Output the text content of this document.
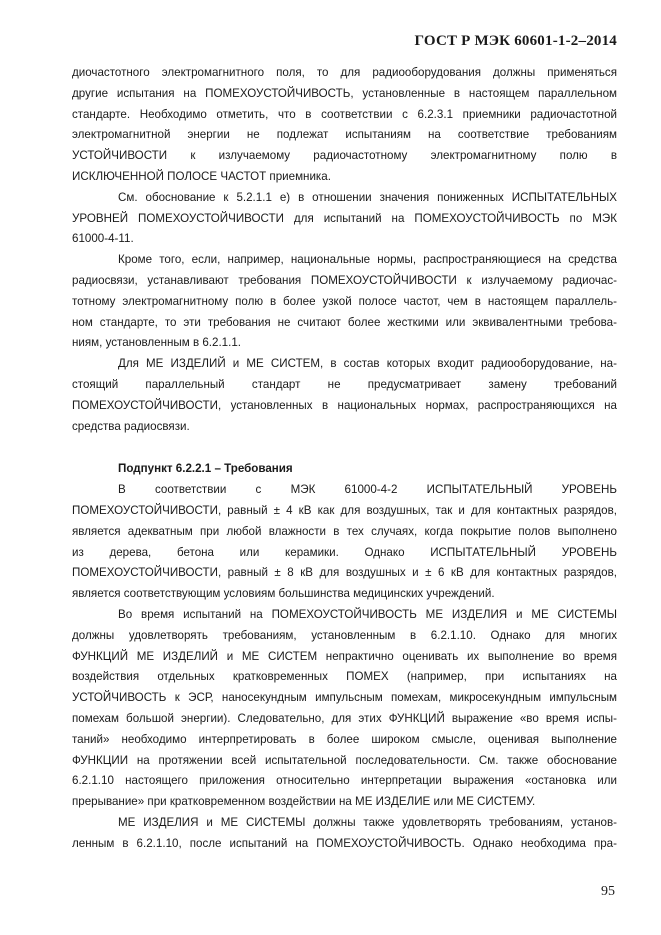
ГОСТ Р МЭК 60601-1-2–2014

диочастотного электромагнитного поля, то для радиооборудования должны применяться

другие испытания на ПОМЕХОУСТОЙЧИВОСТЬ, установленные в настоящем параллельном

стандарте. Необходимо отметить, что в соответствии с 6.2.3.1 приемники радиочастотной

электромагнитной энергии не подлежат испытаниям на соответствие требованиям

УСТОЙЧИВОСТИ к излучаемому радиочастотному электромагнитному полю в

ИСКЛЮЧЕННОЙ ПОЛОСЕ ЧАСТОТ приемника.

См. обоснование к 5.2.1.1 e) в отношении значения пониженных ИСПЫТАТЕЛЬНЫХ

УРОВНЕЙ ПОМЕХОУСТОЙЧИВОСТИ для испытаний на ПОМЕХОУСТОЙЧИВОСТЬ по МЭК

61000-4-11.

Кроме того, если, например, национальные нормы, распространяющиеся на средства

радиосвязи, устанавливают требования ПОМЕХОУСТОЙЧИВОСТИ к излучаемому радиочас-

тотному электромагнитному полю в более узкой полосе частот, чем в настоящем параллель-

ном стандарте, то эти требования не считают более жесткими или эквивалентными требова-

ниям, установленным в 6.2.1.1.

Для МЕ ИЗДЕЛИЙ и МЕ СИСТЕМ, в состав которых входит радиооборудование, на-

стоящий параллельный стандарт не предусматривает замену требований

ПОМЕХОУСТОЙЧИВОСТИ, установленных в национальных нормах, распространяющихся на

средства радиосвязи.

Подпункт 6.2.2.1 – Требования

В соответствии с МЭК 61000-4-2 ИСПЫТАТЕЛЬНЫЙ УРОВЕНЬ

ПОМЕХОУСТОЙЧИВОСТИ, равный ± 4 кВ как для воздушных, так и для контактных разрядов,

является адекватным при любой влажности в тех случаях, когда покрытие полов выполнено

из дерева, бетона или керамики. Однако ИСПЫТАТЕЛЬНЫЙ УРОВЕНЬ

ПОМЕХОУСТОЙЧИВОСТИ, равный ± 8 кВ для воздушных и ± 6 кВ для контактных разрядов,

является соответствующим условиям большинства медицинских учреждений.

Во время испытаний на ПОМЕХОУСТОЙЧИВОСТЬ МЕ ИЗДЕЛИЯ и МЕ СИСТЕМЫ

должны удовлетворять требованиям, установленным в 6.2.1.10. Однако для многих

ФУНКЦИЙ МЕ ИЗДЕЛИЙ и МЕ СИСТЕМ непрактично оценивать их выполнение во время

воздействия отдельных кратковременных ПОМЕХ (например, при испытаниях на

УСТОЙЧИВОСТЬ к ЭСР, наносекундным импульсным помехам, микросекундным импульсным

помехам большой энергии). Следовательно, для этих ФУНКЦИЙ выражение «во время испы-

таний» необходимо интерпретировать в более широком смысле, оценивая выполнение

ФУНКЦИИ на протяжении всей испытательной последовательности. См. также обоснование

6.2.1.10 настоящего приложения относительно интерпретации выражения «остановка или

прерывание» при кратковременном воздействии на МЕ ИЗДЕЛИЕ или МЕ СИСТЕМУ.

МЕ ИЗДЕЛИЯ и МЕ СИСТЕМЫ должны также удовлетворять требованиям, установ-

ленным в 6.2.1.10, после испытаний на ПОМЕХОУСТОЙЧИВОСТЬ. Однако необходима пра-

95
